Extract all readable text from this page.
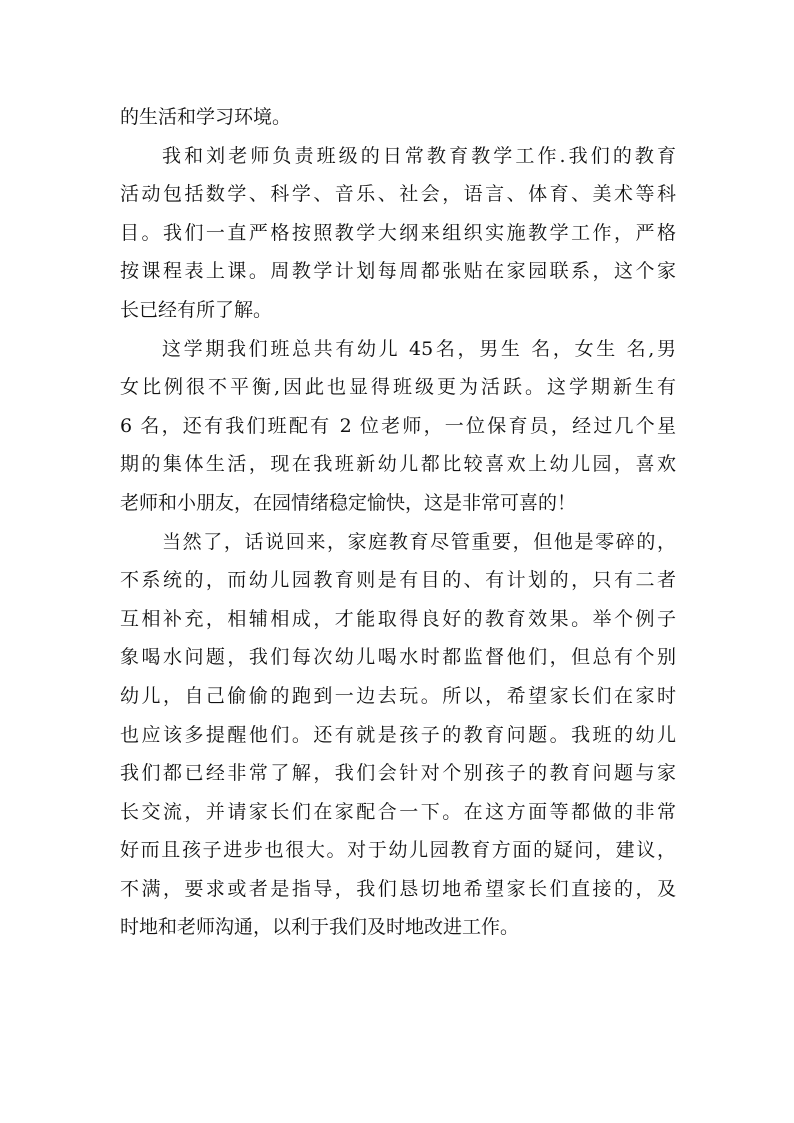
的生活和学习环境。
我和刘老师负责班级的日常教育教学工作.我们的教育
活动包括数学、科学、音乐、社会，语言、体育、美术等科
目。我们一直严格按照教学大纲来组织实施教学工作，严格
按课程表上课。周教学计划每周都张贴在家园联系，这个家
长已经有所了解。
这学期我们班总共有幼儿 45名，男生 名，女生 名,男
女比例很不平衡,因此也显得班级更为活跃。这学期新生有
6 名，还有我们班配有 2 位老师，一位保育员，经过几个星
期的集体生活，现在我班新幼儿都比较喜欢上幼儿园，喜欢
老师和小朋友，在园情绪稳定愉快，这是非常可喜的！
当然了，话说回来，家庭教育尽管重要，但他是零碎的，
不系统的，而幼儿园教育则是有目的、有计划的，只有二者
互相补充，相辅相成，才能取得良好的教育效果。举个例子
象喝水问题，我们每次幼儿喝水时都监督他们，但总有个别
幼儿，自己偷偷的跑到一边去玩。所以，希望家长们在家时
也应该多提醒他们。还有就是孩子的教育问题。我班的幼儿
我们都已经非常了解，我们会针对个别孩子的教育问题与家
长交流，并请家长们在家配合一下。在这方面等都做的非常
好而且孩子进步也很大。对于幼儿园教育方面的疑问，建议，
不满，要求或者是指导，我们恳切地希望家长们直接的，及
时地和老师沟通，以利于我们及时地改进工作。
